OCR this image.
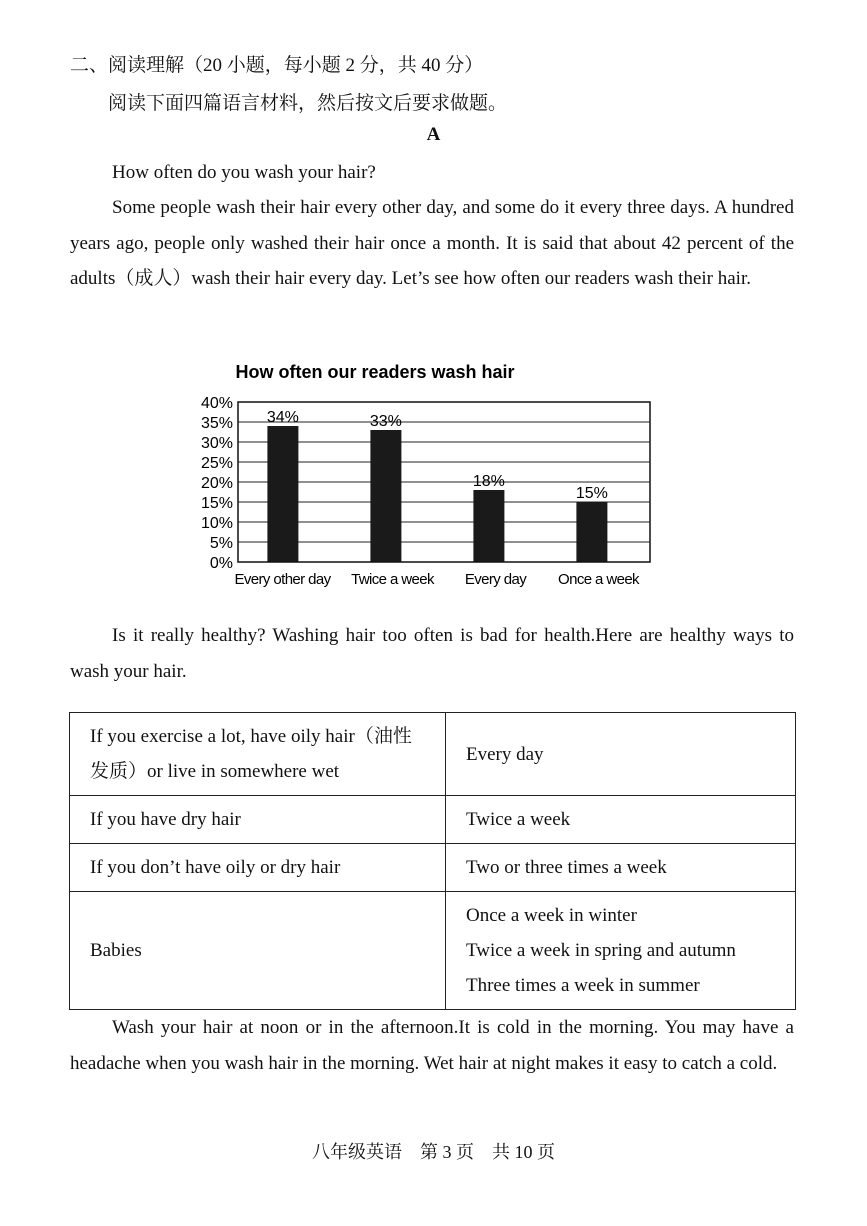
二、阅读理解（20 小题，每小题 2 分，共 40 分）
阅读下面四篇语言材料，然后按文后要求做题。
A
How often do you wash your hair?
Some people wash their hair every other day, and some do it every three days. A hundred years ago, people only washed their hair once a month. It is said that about 42 percent of the adults（成人）wash their hair every day. Let’s see how often our readers wash their hair.
How often our readers wash hair
0%
5%
10%
15%
20%
25%
30%
35%
40%
34%	33%
18%
15%
Every other day Twice a week Every day Once a week
Is it really healthy? Washing hair too often is bad for health.Here are healthy ways to wash your hair.
If you exercise a lot, have oily hair（油性发质）or live in somewhere wet	Every day

If you have dry hair	Twice a week

If you don’t have oily or dry hair	Two or three times a week

Babies	Once a week in winter
Twice a week in spring and autumn
Three times a week in summer
Wash your hair at noon or in the afternoon.It is cold in the morning. You may have a headache when you wash hair in the morning. Wet hair at night makes it easy to catch a cold.
八年级英语　第 3 页　共 10 页
